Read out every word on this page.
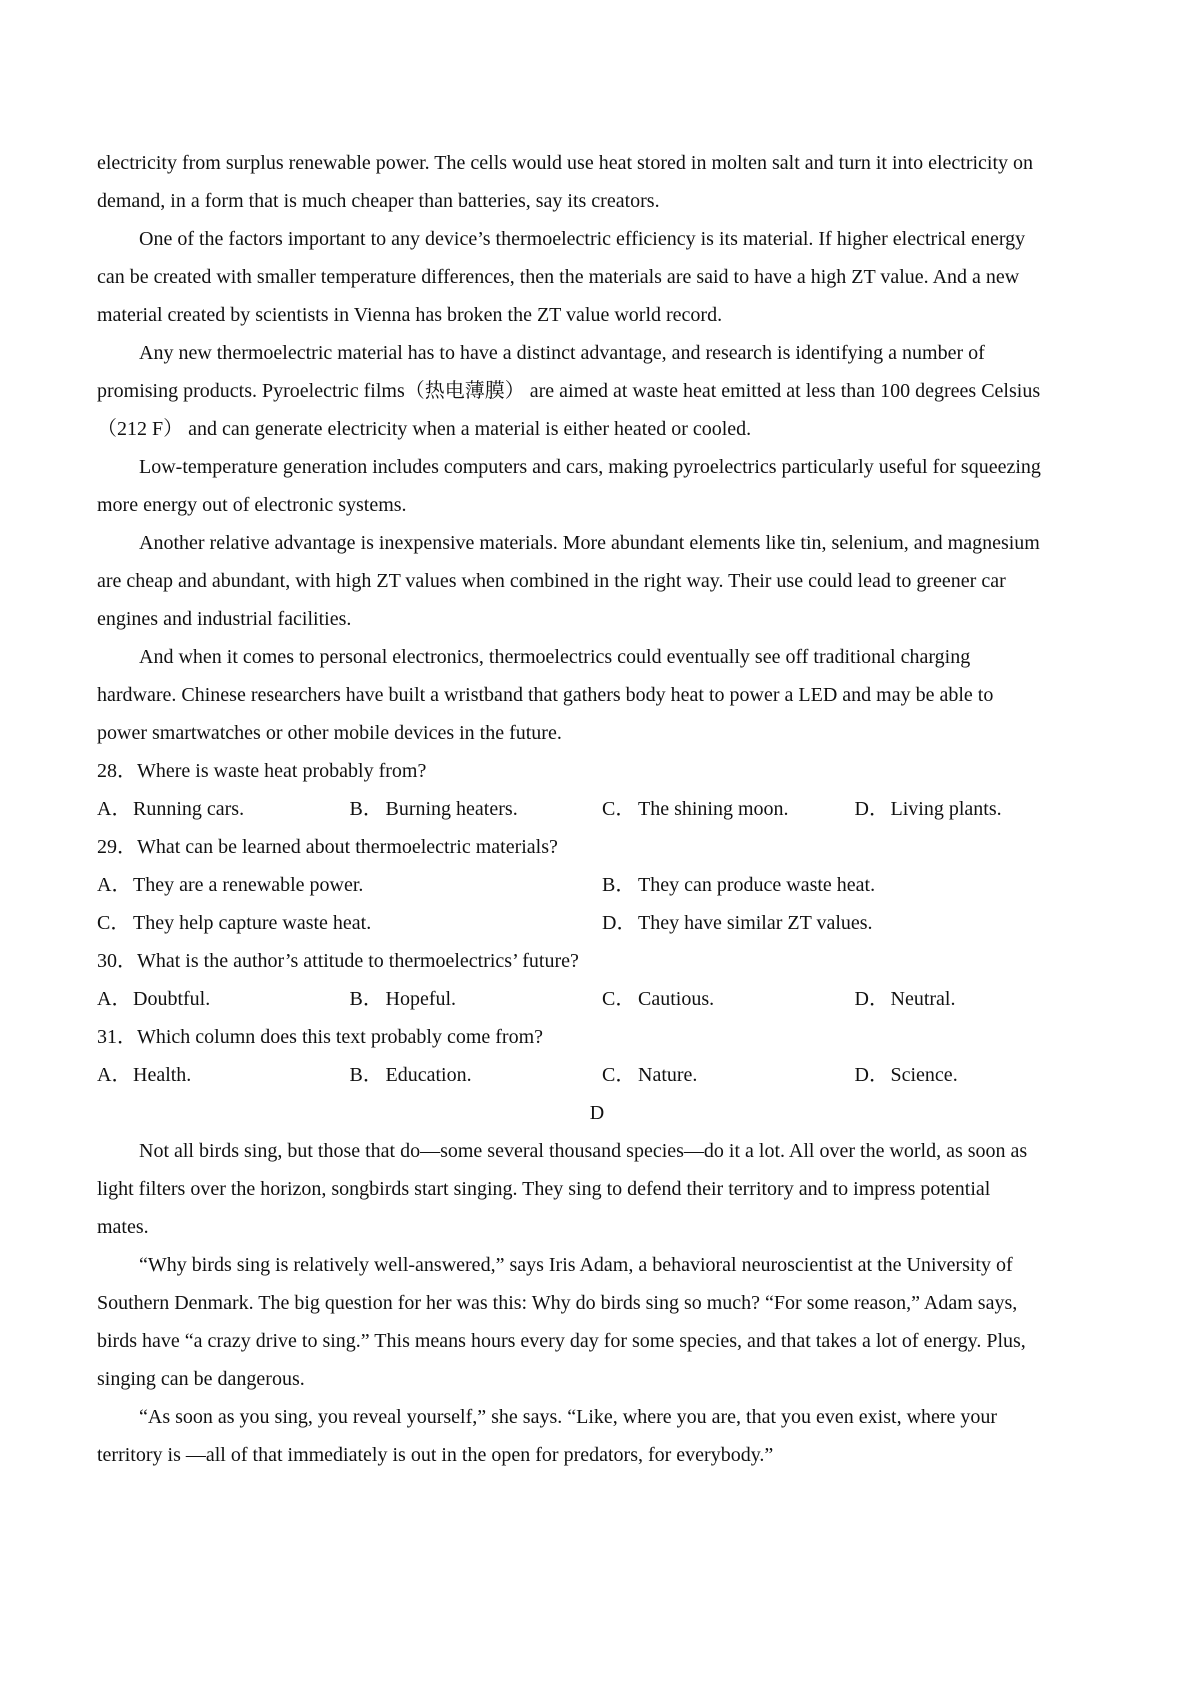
electricity from surplus renewable power. The cells would use heat stored in molten salt and turn it into electricity on
demand, in a form that is much cheaper than batteries, say its creators.
One of the factors important to any device’s thermoelectric efficiency is its material. If higher electrical energy
can be created with smaller temperature differences, then the materials are said to have a high ZT value. And a new
material created by scientists in Vienna has broken the ZT value world record.
Any new thermoelectric material has to have a distinct advantage, and research is identifying a number of
promising products. Pyroelectric films（热电薄膜） are aimed at waste heat emitted at less than 100 degrees Celsius
（212 F） and can generate electricity when a material is either heated or cooled.
Low-temperature generation includes computers and cars, making pyroelectrics particularly useful for squeezing
more energy out of electronic systems.
Another relative advantage is inexpensive materials. More abundant elements like tin, selenium, and magnesium
are cheap and abundant, with high ZT values when combined in the right way. Their use could lead to greener car
engines and industrial facilities.
And when it comes to personal electronics, thermoelectrics could eventually see off traditional charging
hardware. Chinese researchers have built a wristband that gathers body heat to power a LED and may be able to
power smartwatches or other mobile devices in the future.
28．Where is waste heat probably from?
A．Running cars.	B． Burning heaters.	C． The shining moon.	D．Living plants.
29．What can be learned about thermoelectric materials?
A．They are a renewable power.	B． They can produce waste heat.
C． They help capture waste heat.	D．They have similar ZT values.
30．What is the author’s attitude to thermoelectrics’ future?
A．Doubtful.	B． Hopeful.	C． Cautious.	D．Neutral.
31．Which column does this text probably come from?
A．Health.	B． Education.	C． Nature.	D．Science.
D
Not all birds sing, but those that do—some several thousand species—do it a lot. All over the world, as soon as
light filters over the horizon, songbirds start singing. They sing to defend their territory and to impress potential
mates.
“Why birds sing is relatively well-answered,” says Iris Adam, a behavioral neuroscientist at the University of
Southern Denmark. The big question for her was this: Why do birds sing so much? “For some reason,” Adam says,
birds have “a crazy drive to sing.” This means hours every day for some species, and that takes a lot of energy. Plus,
singing can be dangerous.
“As soon as you sing, you reveal yourself,” she says. “Like, where you are, that you even exist, where your
territory is —all of that immediately is out in the open for predators, for everybody.”
